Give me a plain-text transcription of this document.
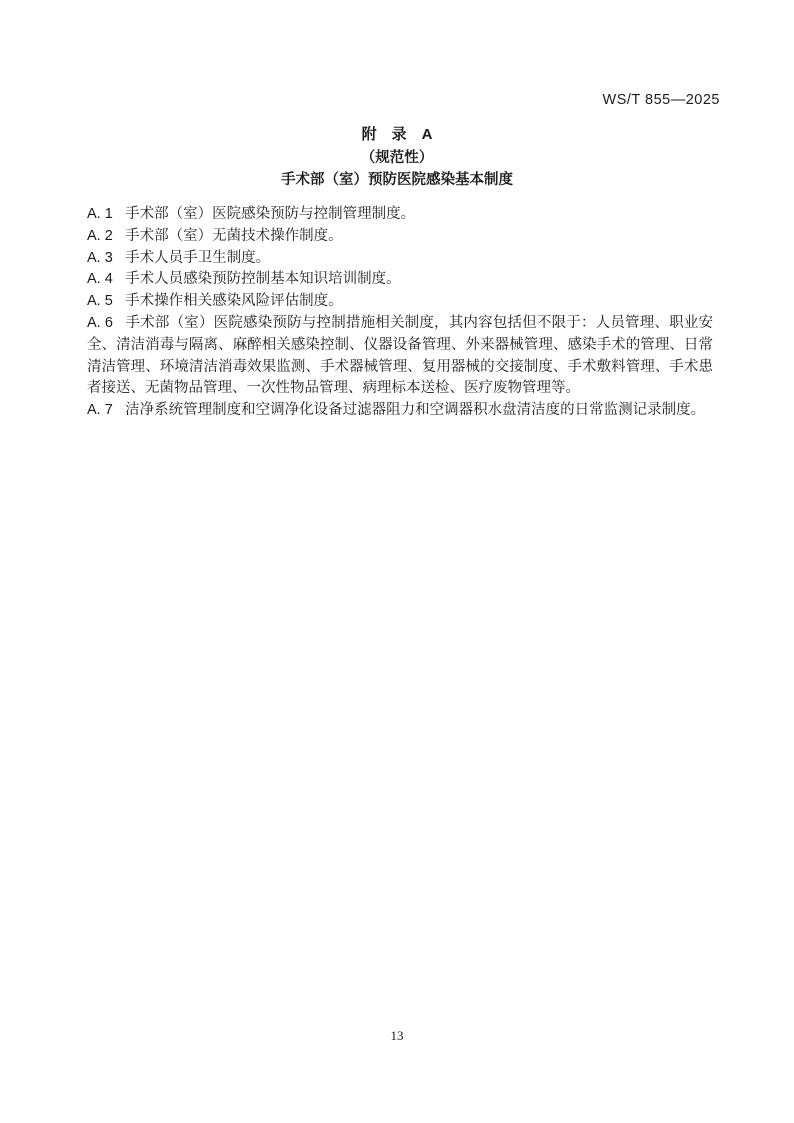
WS/T 855—2025
附　录　A
（规范性）
手术部（室）预防医院感染基本制度

A. 1 手术部（室）医院感染预防与控制管理制度。

A. 2 手术部（室）无菌技术操作制度。

A. 3 手术人员手卫生制度。

A. 4 手术人员感染预防控制基本知识培训制度。

A. 5 手术操作相关感染风险评估制度。

A. 6 手术部（室）医院感染预防与控制措施相关制度，其内容包括但不限于：人员管理、职业安全、清洁消毒与隔离、麻醉相关感染控制、仪器设备管理、外来器械管理、感染手术的管理、日常清洁管理、环境清洁消毒效果监测、手术器械管理、复用器械的交接制度、手术敷料管理、手术患者接送、无菌物品管理、一次性物品管理、病理标本送检、医疗废物管理等。

A. 7 洁净系统管理制度和空调净化设备过滤器阻力和空调器积水盘清洁度的日常监测记录制度。

13
